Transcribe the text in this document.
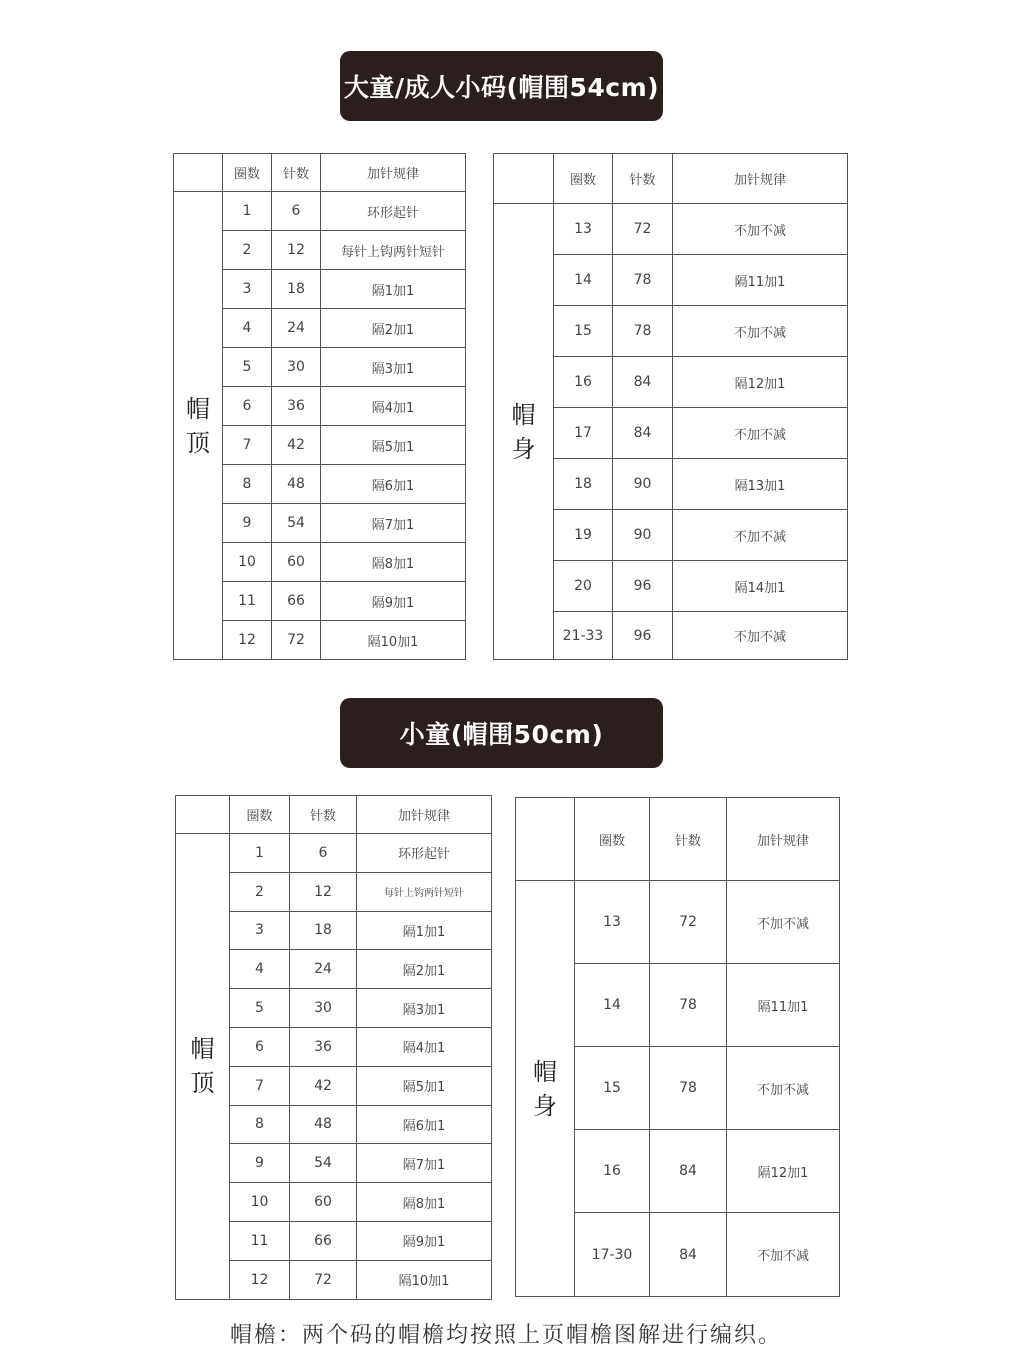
大童/成人小码(帽围54cm)
	圈数	针数	加针规律
帽顶	1	6	环形起针
	2	12	每针上钩两针短针
	3	18	隔1加1
	4	24	隔2加1
	5	30	隔3加1
	6	36	隔4加1
	7	42	隔5加1
	8	48	隔6加1
	9	54	隔7加1
	10	60	隔8加1
	11	66	隔9加1
	12	72	隔10加1
	圈数	针数	加针规律
帽身	13	72	不加不减
	14	78	隔11加1
	15	78	不加不减
	16	84	隔12加1
	17	84	不加不减
	18	90	隔13加1
	19	90	不加不减
	20	96	隔14加1
	21-33	96	不加不减
小童(帽围50cm)
	圈数	针数	加针规律
帽顶	1	6	环形起针
	2	12	每针上钩两针短针
	3	18	隔1加1
	4	24	隔2加1
	5	30	隔3加1
	6	36	隔4加1
	7	42	隔5加1
	8	48	隔6加1
	9	54	隔7加1
	10	60	隔8加1
	11	66	隔9加1
	12	72	隔10加1
	圈数	针数	加针规律
帽身	13	72	不加不减
	14	78	隔11加1
	15	78	不加不减
	16	84	隔12加1
	17-30	84	不加不减
帽檐：两个码的帽檐均按照上页帽檐图解进行编织。
